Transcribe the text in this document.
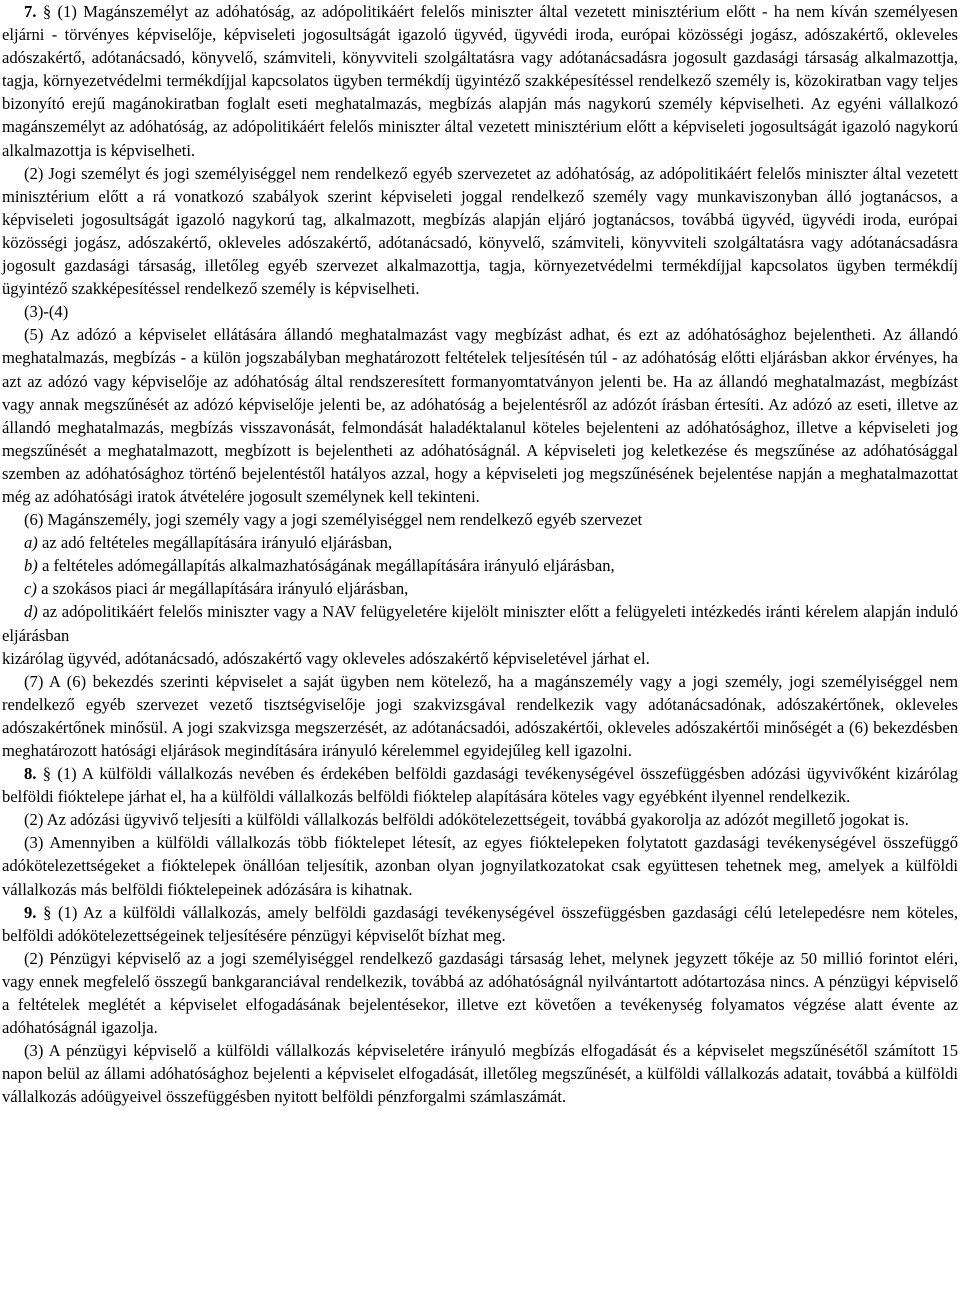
7. § (1) Magánszemélyt az adóhatóság, az adópolitikáért felelős miniszter által vezetett minisztérium előtt - ha nem kíván személyesen eljárni - törvényes képviselője, képviseleti jogosultságát igazoló ügyvéd, ügyvédi iroda, európai közösségi jogász, adószakértő, okleveles adószakértő, adótanácsadó, könyvelő, számviteli, könyvviteli szolgáltatásra vagy adótanácsadásra jogosult gazdasági társaság alkalmazottja, tagja, környezetvédelmi termékdíjjal kapcsolatos ügyben termékdíj ügyintéző szakképesítéssel rendelkező személy is, közokiratban vagy teljes bizonyító erejű magánokiratban foglalt eseti meghatalmazás, megbízás alapján más nagykorú személy képviselheti. Az egyéni vállalkozó magánszemélyt az adóhatóság, az adópolitikáért felelős miniszter által vezetett minisztérium előtt a képviseleti jogosultságát igazoló nagykorú alkalmazottja is képviselheti.

(2) Jogi személyt és jogi személyiséggel nem rendelkező egyéb szervezetet az adóhatóság, az adópolitikáért felelős miniszter által vezetett minisztérium előtt a rá vonatkozó szabályok szerint képviseleti joggal rendelkező személy vagy munkaviszonyban álló jogtanácsos, a képviseleti jogosultságát igazoló nagykorú tag, alkalmazott, megbízás alapján eljáró jogtanácsos, továbbá ügyvéd, ügyvédi iroda, európai közösségi jogász, adószakértő, okleveles adószakértő, adótanácsadó, könyvelő, számviteli, könyvviteli szolgáltatásra vagy adótanácsadásra jogosult gazdasági társaság, illetőleg egyéb szervezet alkalmazottja, tagja, környezetvédelmi termékdíjjal kapcsolatos ügyben termékdíj ügyintéző szakképesítéssel rendelkező személy is képviselheti.

(3)-(4)

(5) Az adózó a képviselet ellátására állandó meghatalmazást vagy megbízást adhat, és ezt az adóhatósághoz bejelentheti. Az állandó meghatalmazás, megbízás - a külön jogszabályban meghatározott feltételek teljesítésén túl - az adóhatóság előtti eljárásban akkor érvényes, ha azt az adózó vagy képviselője az adóhatóság által rendszeresített formanyomtatványon jelenti be. Ha az állandó meghatalmazást, megbízást vagy annak megszűnését az adózó képviselője jelenti be, az adóhatóság a bejelentésről az adózót írásban értesíti. Az adózó az eseti, illetve az állandó meghatalmazás, megbízás visszavonását, felmondását haladéktalanul köteles bejelenteni az adóhatósághoz, illetve a képviseleti jog megszűnését a meghatalmazott, megbízott is bejelentheti az adóhatóságnál. A képviseleti jog keletkezése és megszűnése az adóhatósággal szemben az adóhatósághoz történő bejelentéstől hatályos azzal, hogy a képviseleti jog megszűnésének bejelentése napján a meghatalmazottat még az adóhatósági iratok átvételére jogosult személynek kell tekinteni.

(6) Magánszemély, jogi személy vagy a jogi személyiséggel nem rendelkező egyéb szervezet

a) az adó feltételes megállapítására irányuló eljárásban,

b) a feltételes adómegállapítás alkalmazhatóságának megállapítására irányuló eljárásban,

c) a szokásos piaci ár megállapítására irányuló eljárásban,

d) az adópolitikáért felelős miniszter vagy a NAV felügyeletére kijelölt miniszter előtt a felügyeleti intézkedés iránti kérelem alapján induló eljárásban

kizárólag ügyvéd, adótanácsadó, adószakértő vagy okleveles adószakértő képviseletével járhat el.

(7) A (6) bekezdés szerinti képviselet a saját ügyben nem kötelező, ha a magánszemély vagy a jogi személy, jogi személyiséggel nem rendelkező egyéb szervezet vezető tisztségviselője jogi szakvizsgával rendelkezik vagy adótanácsadónak, adószakértőnek, okleveles adószakértőnek minősül. A jogi szakvizsga megszerzését, az adótanácsadói, adószakértői, okleveles adószakértői minőségét a (6) bekezdésben meghatározott hatósági eljárások megindítására irányuló kérelemmel egyidejűleg kell igazolni.

8. § (1) A külföldi vállalkozás nevében és érdekében belföldi gazdasági tevékenységével összefüggésben adózási ügyvivőként kizárólag belföldi fióktelepe járhat el, ha a külföldi vállalkozás belföldi fióktelep alapítására köteles vagy egyébként ilyennel rendelkezik.

(2) Az adózási ügyvivő teljesíti a külföldi vállalkozás belföldi adókötelezettségeit, továbbá gyakorolja az adózót megillető jogokat is.

(3) Amennyiben a külföldi vállalkozás több fióktelepet létesít, az egyes fióktelepeken folytatott gazdasági tevékenységével összefüggő adókötelezettségeket a fióktelepek önállóan teljesítik, azonban olyan jognyilatkozatokat csak együttesen tehetnek meg, amelyek a külföldi vállalkozás más belföldi fióktelepeinek adózására is kihatnak.

9. § (1) Az a külföldi vállalkozás, amely belföldi gazdasági tevékenységével összefüggésben gazdasági célú letelepedésre nem köteles, belföldi adókötelezettségeinek teljesítésére pénzügyi képviselőt bízhat meg.

(2) Pénzügyi képviselő az a jogi személyiséggel rendelkező gazdasági társaság lehet, melynek jegyzett tőkéje az 50 millió forintot eléri, vagy ennek megfelelő összegű bankgaranciával rendelkezik, továbbá az adóhatóságnál nyilvántartott adótartozása nincs. A pénzügyi képviselő a feltételek meglétét a képviselet elfogadásának bejelentésekor, illetve ezt követően a tevékenység folyamatos végzése alatt évente az adóhatóságnál igazolja.

(3) A pénzügyi képviselő a külföldi vállalkozás képviseletére irányuló megbízás elfogadását és a képviselet megszűnésétől számított 15 napon belül az állami adóhatósághoz bejelenti a képviselet elfogadását, illetőleg megszűnését, a külföldi vállalkozás adatait, továbbá a külföldi vállalkozás adóügyeivel összefüggésben nyitott belföldi pénzforgalmi számlaszámát.
